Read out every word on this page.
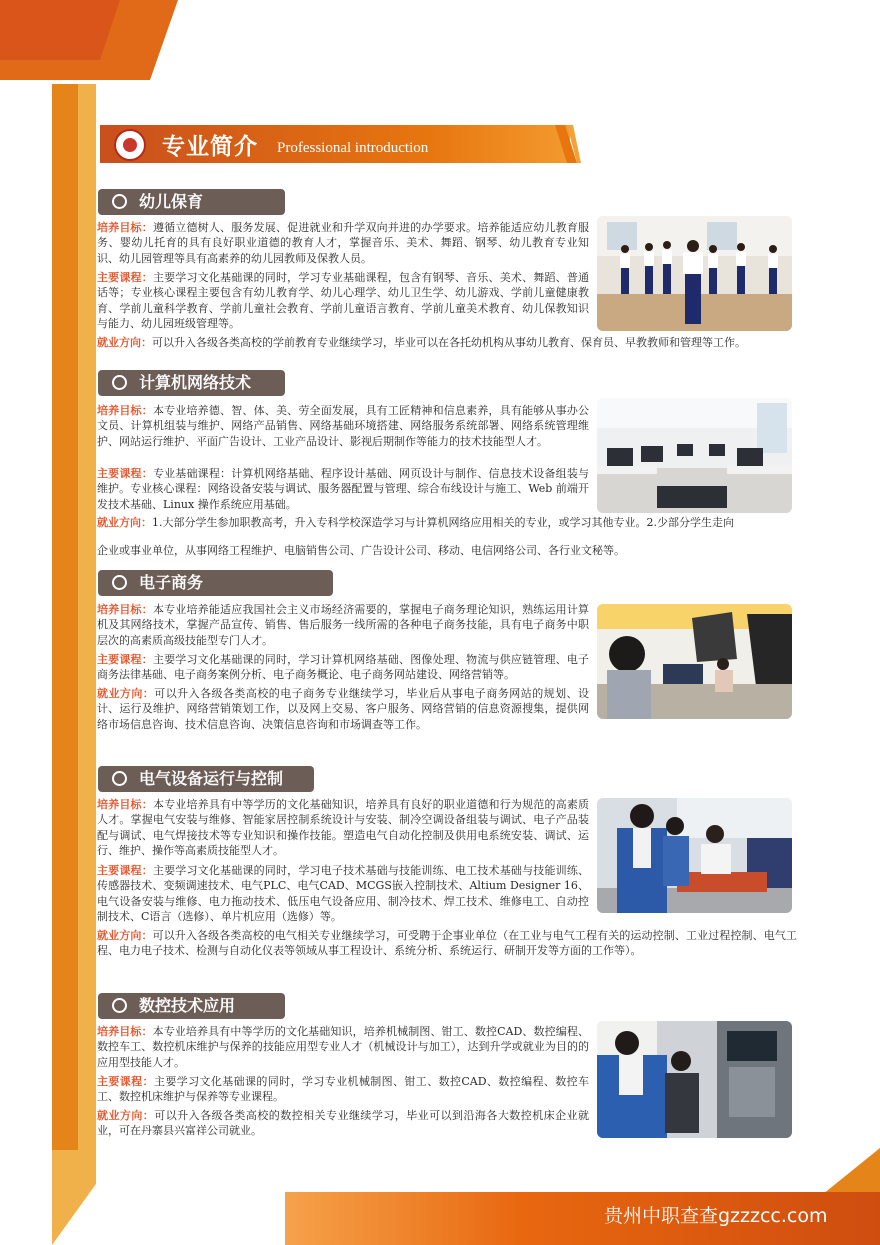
专业简介 Professional introduction
幼儿保育
培养目标：遵循立德树人、服务发展、促进就业和升学双向并进的办学要求。培养能适应幼儿教育服务、婴幼儿托育的具有良好职业道德的教育人才，掌握音乐、美术、舞蹈、钢琴、幼儿教育专业知识、幼儿园管理等具有高素养的幼儿园教师及保教人员。
主要课程：主要学习文化基础课的同时，学习专业基础课程，包含有钢琴、音乐、美术、舞蹈、普通话等；专业核心课程主要包含有幼儿教育学、幼儿心理学、幼儿卫生学、幼儿游戏、学前儿童健康教育、学前儿童科学教育、学前儿童社会教育、学前儿童语言教育、学前儿童美术教育、幼儿保教知识与能力、幼儿园班级管理等。
就业方向：可以升入各级各类高校的学前教育专业继续学习，毕业可以在各托幼机构从事幼儿教育、保育员、早教教师和管理等工作。
计算机网络技术
培养目标：本专业培养德、智、体、美、劳全面发展，具有工匠精神和信息素养，具有能够从事办公文员、计算机组装与维护、网络产品销售、网络基础环境搭建、网络服务系统部署、网络系统管理维护、网站运行维护、平面广告设计、工业产品设计、影视后期制作等能力的技术技能型人才。
主要课程：专业基础课程：计算机网络基础、程序设计基础、网页设计与制作、信息技术设备组装与维护。专业核心课程：网络设备安装与调试、服务器配置与管理、综合布线设计与施工、Web 前端开发技术基础、Linux 操作系统应用基础。
就业方向：1.大部分学生参加职教高考，升入专科学校深造学习与计算机网络应用相关的专业，或学习其他专业。2.少部分学生走向
企业或事业单位，从事网络工程维护、电脑销售公司、广告设计公司、移动、电信网络公司、各行业文秘等。
电子商务
培养目标：本专业培养能适应我国社会主义市场经济需要的，掌握电子商务理论知识，熟练运用计算机及其网络技术，掌握产品宣传、销售、售后服务一线所需的各种电子商务技能，具有电子商务中职层次的高素质高级技能型专门人才。
主要课程：主要学习文化基础课的同时，学习计算机网络基础、图像处理、物流与供应链管理、电子商务法律基础、电子商务案例分析、电子商务概论、电子商务网站建设、网络营销等。
就业方向：可以升入各级各类高校的电子商务专业继续学习，毕业后从事电子商务网站的规划、设计、运行及维护、网络营销策划工作，以及网上交易、客户服务、网络营销的信息资源搜集，提供网络市场信息咨询、技术信息咨询、决策信息咨询和市场调查等工作。
电气设备运行与控制
培养目标：本专业培养具有中等学历的文化基础知识，培养具有良好的职业道德和行为规范的高素质人才。掌握电气安装与维修、智能家居控制系统设计与安装、制冷空调设备组装与调试、电子产品装配与调试、电气焊接技术等专业知识和操作技能。塑造电气自动化控制及供用电系统安装、调试、运行、维护、操作等高素质技能型人才。
主要课程：主要学习文化基础课的同时，学习电子技术基础与技能训练、电工技术基础与技能训练、传感器技术、变频调速技术、电气PLC、电气CAD、MCGS嵌入控制技术、Altium Designer 16、电气设备安装与维修、电力拖动技术、低压电气设备应用、制冷技术、焊工技术、维修电工、自动控制技术、C语言（选修）、单片机应用（选修）等。
就业方向：可以升入各级各类高校的电气相关专业继续学习，可受聘于企事业单位（在工业与电气工程有关的运动控制、工业过程控制、电气工程、电力电子技术、检测与自动化仪表等领域从事工程设计、系统分析、系统运行、研制开发等方面的工作等）。
数控技术应用
培养目标：本专业培养具有中等学历的文化基础知识，培养机械制图、钳工、数控CAD、数控编程、数控车工、数控机床维护与保养的技能应用型专业人才（机械设计与加工），达到升学或就业为目的的应用型技能人才。
主要课程：主要学习文化基础课的同时，学习专业机械制图、钳工、数控CAD、数控编程、数控车工、数控机床维护与保养等专业课程。
就业方向：可以升入各级各类高校的数控相关专业继续学习，毕业可以到沿海各大数控机床企业就业，可在丹寨县兴富祥公司就业。
贵州中职查查gzzzcc.com
